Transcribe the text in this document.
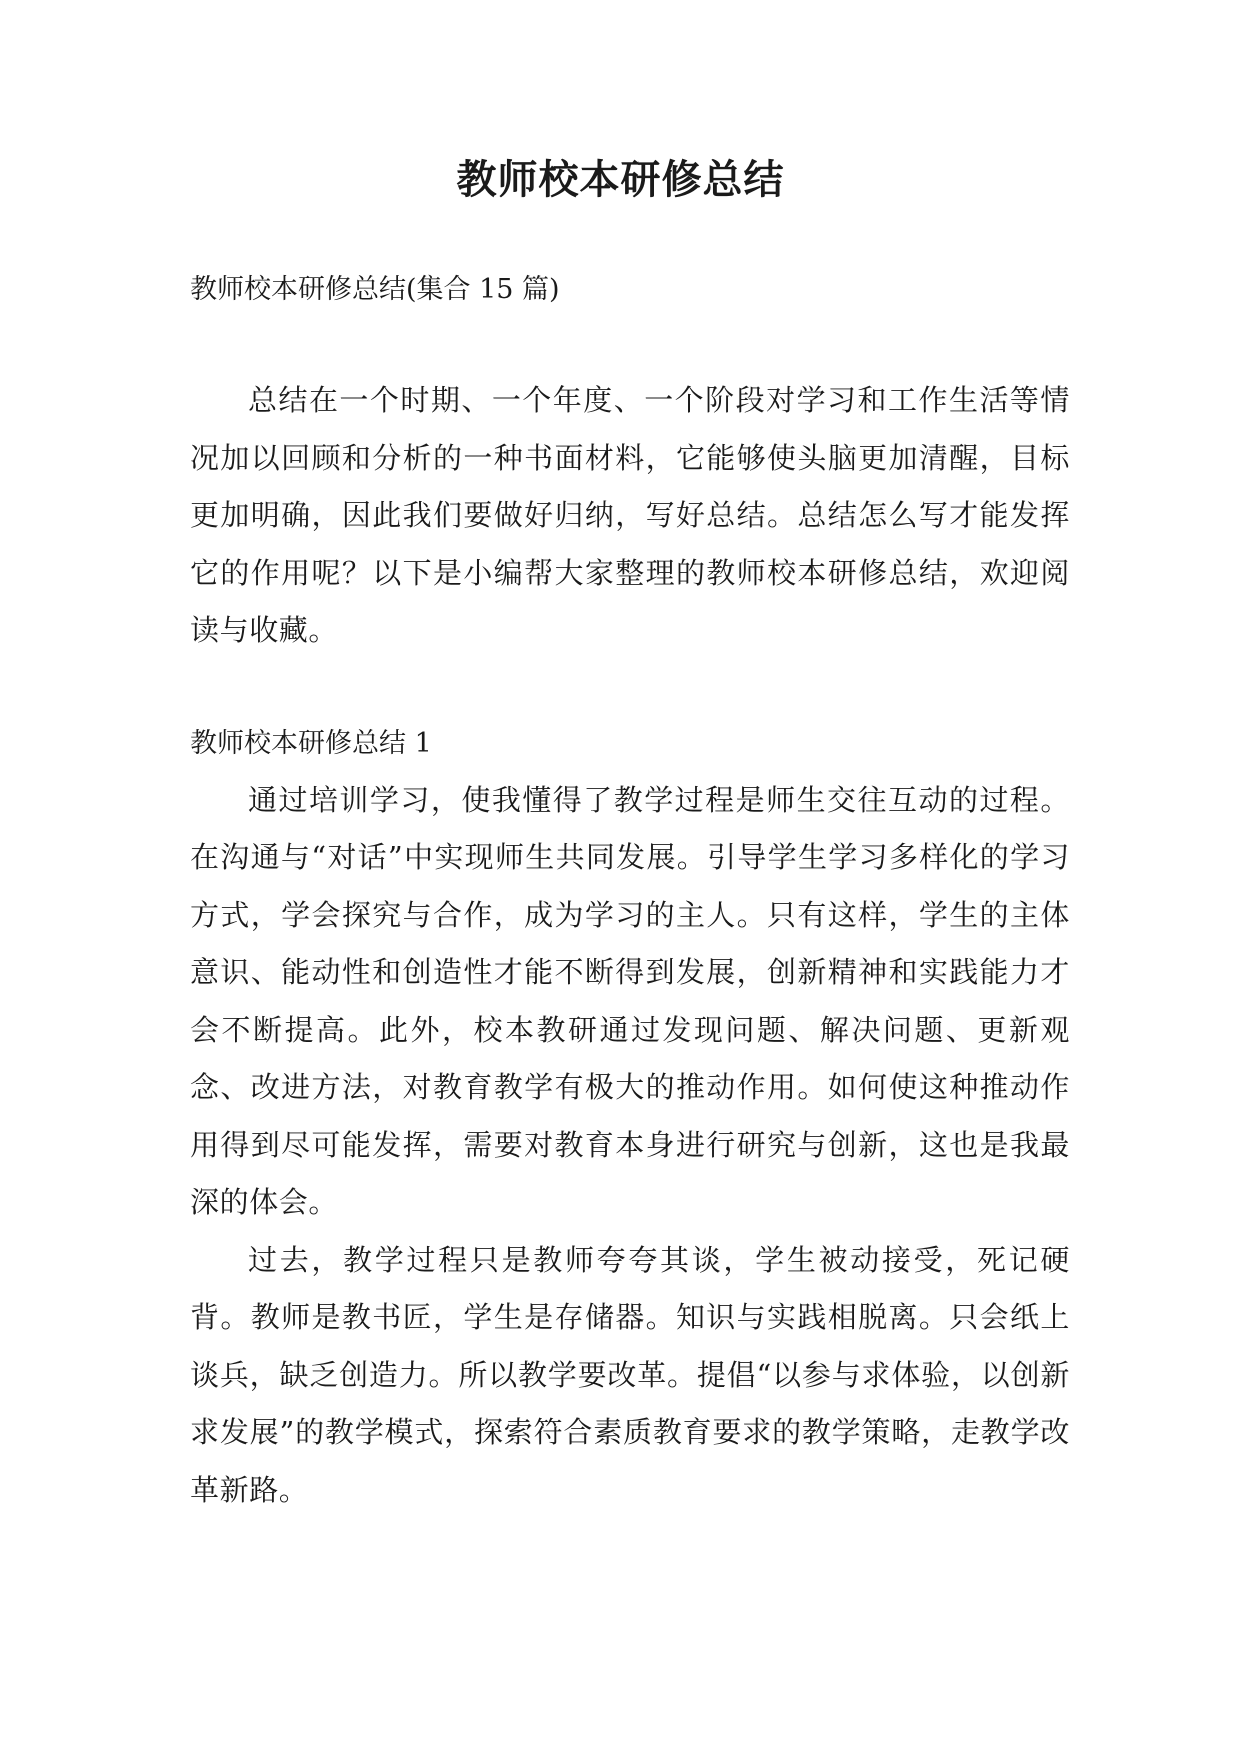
教师校本研修总结

教师校本研修总结(集合 15 篇)

总结在一个时期、一个年度、一个阶段对学习和工作生活等情况加以回顾和分析的一种书面材料，它能够使头脑更加清醒，目标更加明确，因此我们要做好归纳，写好总结。总结怎么写才能发挥它的作用呢？以下是小编帮大家整理的教师校本研修总结，欢迎阅读与收藏。

教师校本研修总结 1

通过培训学习，使我懂得了教学过程是师生交往互动的过程。在沟通与“对话”中实现师生共同发展。引导学生学习多样化的学习方式，学会探究与合作，成为学习的主人。只有这样，学生的主体意识、能动性和创造性才能不断得到发展，创新精神和实践能力才会不断提高。此外，校本教研通过发现问题、解决问题、更新观念、改进方法，对教育教学有极大的推动作用。如何使这种推动作用得到尽可能发挥，需要对教育本身进行研究与创新，这也是我最深的体会。

过去，教学过程只是教师夸夸其谈，学生被动接受，死记硬背。教师是教书匠，学生是存储器。知识与实践相脱离。只会纸上谈兵，缺乏创造力。所以教学要改革。提倡“以参与求体验，以创新求发展”的教学模式，探索符合素质教育要求的教学策略，走教学改革新路。
